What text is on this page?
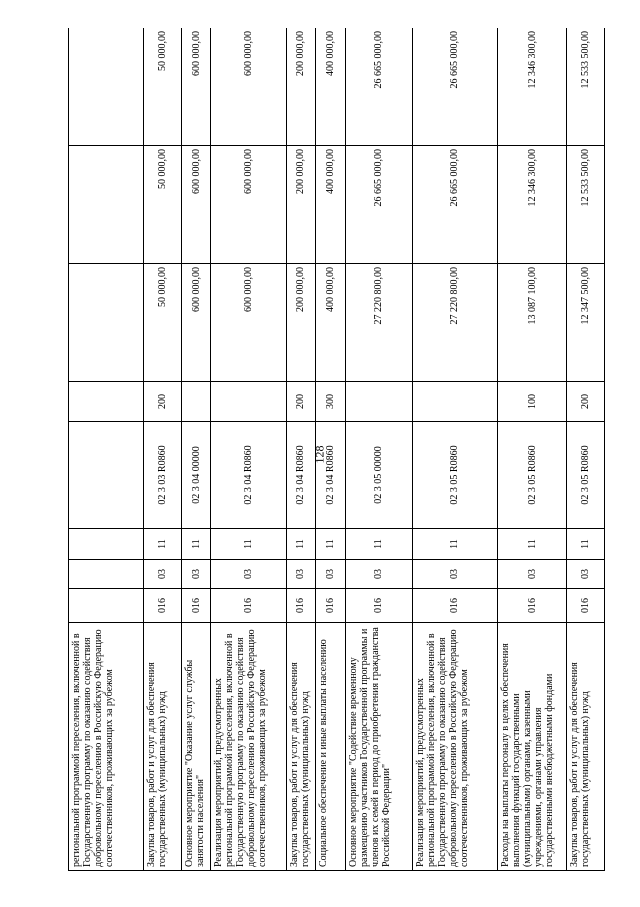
128
региональной программой переселения, включенной в Государственную программу по оказанию содействия добровольному переселению в Российскую Федерацию соотечественников, проживающих за рубежом								
Закупка товаров, работ и услуг для обеспечения государственных (муниципальных) нужд	016	03	11	02 3 03 R0860	200	50 000,00	50 000,00	50 000,00
Основное мероприятие "Оказание услуг службы занятости населения"	016	03	11	02 3 04 00000		600 000,00	600 000,00	600 000,00
Реализация мероприятий, предусмотренных региональной программой переселения, включенной в Государственную программу по оказанию содействия добровольному переселению в Российскую Федерацию соотечественников, проживающих за рубежом	016	03	11	02 3 04 R0860		600 000,00	600 000,00	600 000,00
Закупка товаров, работ и услуг для обеспечения государственных (муниципальных) нужд	016	03	11	02 3 04 R0860	200	200 000,00	200 000,00	200 000,00
Социальное обеспечение и иные выплаты населению	016	03	11	02 3 04 R0860	300	400 000,00	400 000,00	400 000,00
Основное мероприятие "Содействие временному размещению участников Государственной программы и членов их семей в период до приобретения гражданства Российской Федерации"	016	03	11	02 3 05 00000		27 220 800,00	26 665 000,00	26 665 000,00
Реализация мероприятий, предусмотренных региональной программой переселения, включенной в Государственную программу по оказанию содействия добровольному переселению в Российскую Федерацию соотечественников, проживающих за рубежом	016	03	11	02 3 05 R0860		27 220 800,00	26 665 000,00	26 665 000,00
Расходы на выплаты персоналу в целях обеспечения выполнения функций государственными (муниципальными) органами, казенными учреждениями, органами управления государственными внебюджетными фондами	016	03	11	02 3 05 R0860	100	13 087 100,00	12 346 300,00	12 346 300,00
Закупка товаров, работ и услуг для обеспечения государственных (муниципальных) нужд	016	03	11	02 3 05 R0860	200	12 347 500,00	12 533 500,00	12 533 500,00
